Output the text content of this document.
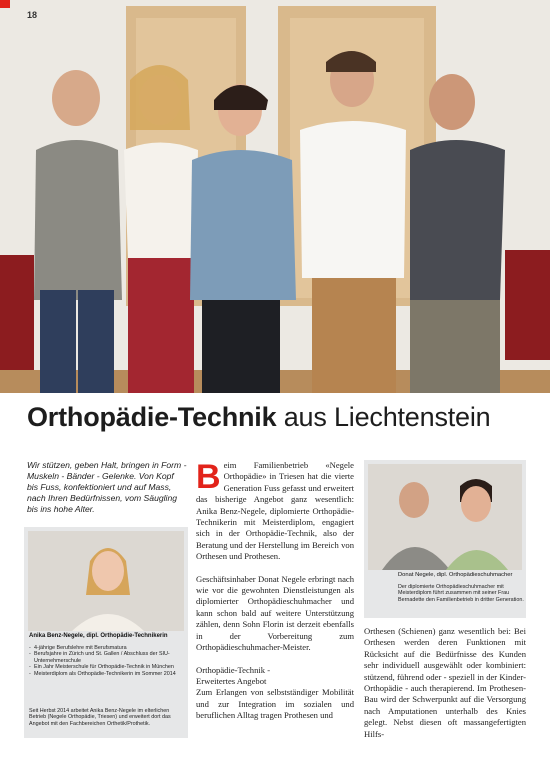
18
Orthopädie-Technik aus Liechtenstein
Wir stützen, geben Halt, bringen in Form - Muskeln - Bänder - Gelenke. Von Kopf bis Fuss, konfektioniert und auf Mass, nach Ihren Bedürfnissen, vom Säugling bis ins hohe Alter.
Anika Benz-Negele, dipl. Orthopädie-Technikerin
- 4-jährige Berufslehre mit Berufsmatura
- Berufsjahre in Zürich und St. Gallen / Abschluss der SIU-Unternehmerschule
- Ein Jahr Meisterschule für Orthopädie-Technik in München
- Meisterdiplom als Orthopädie-Technikerin im Sommer 2014
Seit Herbst 2014 arbeitet Anika Benz-Negele im elterlichen Betrieb (Negele Orthopädie, Triesen) und erweitert dort das Angebot mit den Fachbereichen Orthetik/Prothetik.

Beim Familienbetrieb «Negele Orthopädie» in Triesen hat die vierte Generation Fuss gefasst und erweitert das bisherige Angebot ganz wesentlich: Anika Benz-Negele, diplomierte Orthopädie-Technikerin mit Meisterdiplom, engagiert sich in der Orthopädie-Technik, also der Beratung und der Herstellung im Bereich von Orthesen und Prothesen.

Geschäftsinhaber Donat Negele erbringt nach wie vor die gewohnten Dienstleistungen als diplomierter Orthopädieschuhmacher und kann schon bald auf weitere Unterstützung zählen, denn Sohn Florin ist derzeit ebenfalls in der Vorbereitung zum Orthopädieschuhmacher-Meister.

Orthopädie-Technik -
Erweitertes Angebot
Zum Erlangen von selbstständiger Mobilität und zur Integration im sozialen und beruflichen Alltag tragen Prothesen und

Donat Negele, dipl. Orthopädieschuhmacher
Der diplomierte Orthopädieschuhmacher mit Meisterdiplom führt zusammen mit seiner Frau Bernadette den Familienbetrieb in dritter Generation.

Orthesen (Schienen) ganz wesentlich bei: Bei Orthesen werden deren Funktionen mit Rücksicht auf die Bedürfnisse des Kunden sehr individuell ausgewählt oder kombiniert: stützend, führend oder - speziell in der Kinder-Orthopädie - auch therapierend. Im Prothesen-Bau wird der Schwerpunkt auf die Versorgung nach Amputationen unterhalb des Knies gelegt. Nebst diesen oft massangefertigten Hilfs-
